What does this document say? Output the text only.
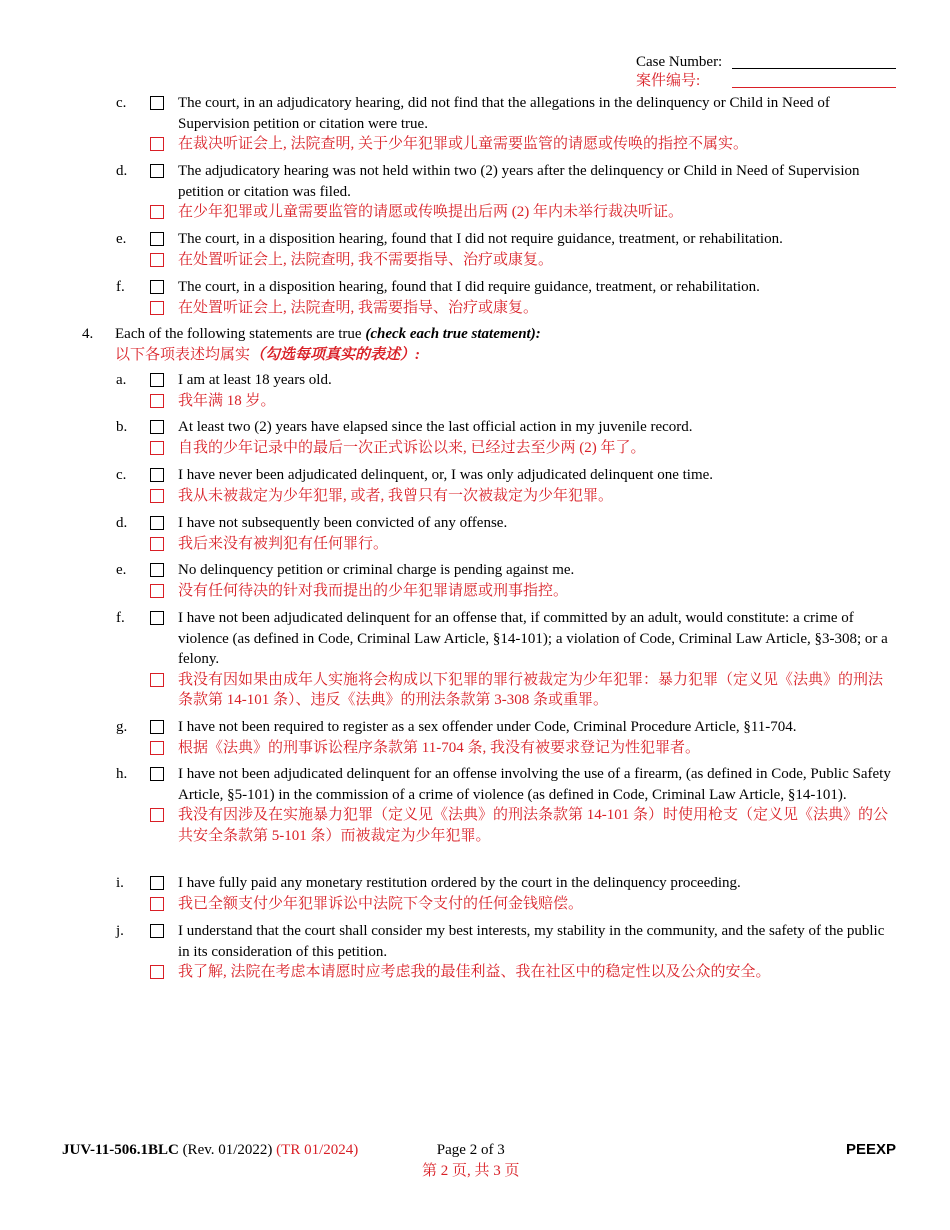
Case Number:
案件编号:
c.	The court, in an adjudicatory hearing, did not find that the allegations in the delinquency or Child in Need of Supervision petition or citation were true.
在裁决听证会上, 法院查明, 关于少年犯罪或儿童需要监管的请愿或传唤的指控不属实。
d.	The adjudicatory hearing was not held within two (2) years after the delinquency or Child in Need of Supervision petition or citation was filed.
在少年犯罪或儿童需要监管的请愿或传唤提出后两 (2) 年内未举行裁决听证。
e.	The court, in a disposition hearing, found that I did not require guidance, treatment, or rehabilitation.
在处置听证会上, 法院查明, 我不需要指导、治疗或康复。
f.	The court, in a disposition hearing, found that I did require guidance, treatment, or rehabilitation.
在处置听证会上, 法院查明, 我需要指导、治疗或康复。
4. Each of the following statements are true (check each true statement):
以下各项表述均属实（勾选每项真实的表述）:
a.	I am at least 18 years old.
我年满 18 岁。
b.	At least two (2) years have elapsed since the last official action in my juvenile record.
自我的少年记录中的最后一次正式诉讼以来, 已经过去至少两 (2) 年了。
c.	I have never been adjudicated delinquent, or, I was only adjudicated delinquent one time.
我从未被裁定为少年犯罪, 或者, 我曾只有一次被裁定为少年犯罪。
d.	I have not subsequently been convicted of any offense.
我后来没有被判犯有任何罪行。
e.	No delinquency petition or criminal charge is pending against me.
没有任何待决的针对我而提出的少年犯罪请愿或刑事指控。
f.	I have not been adjudicated delinquent for an offense that, if committed by an adult, would constitute: a crime of violence (as defined in Code, Criminal Law Article, §14-101); a violation of Code, Criminal Law Article, §3-308; or a felony.
我没有因如果由成年人实施将会构成以下犯罪的罪行被裁定为少年犯罪：暴力犯罪（定义见《法典》的刑法条款第 14-101 条）、违反《法典》的刑法条款第 3-308 条或重罪。
g.	I have not been required to register as a sex offender under Code, Criminal Procedure Article, §11-704.
根据《法典》的刑事诉讼程序条款第 11-704 条, 我没有被要求登记为性犯罪者。
h.	I have not been adjudicated delinquent for an offense involving the use of a firearm, (as defined in Code, Public Safety Article, §5-101) in the commission of a crime of violence (as defined in Code, Criminal Law Article, §14-101).
我没有因涉及在实施暴力犯罪（定义见《法典》的刑法条款第 14-101 条）时使用枪支（定义见《法典》的公共安全条款第 5-101 条）而被裁定为少年犯罪。
i.	I have fully paid any monetary restitution ordered by the court in the delinquency proceeding.
我已全额支付少年犯罪诉讼中法院下令支付的任何金钱赔偿。
j.	I understand that the court shall consider my best interests, my stability in the community, and the safety of the public in its consideration of this petition.
我了解, 法院在考虑本请愿时应考虑我的最佳利益、我在社区中的稳定性以及公众的安全。
JUV-11-506.1BLC (Rev. 01/2022) (TR 01/2024)	Page 2 of 3
第 2 页, 共 3 页
PEEXP
